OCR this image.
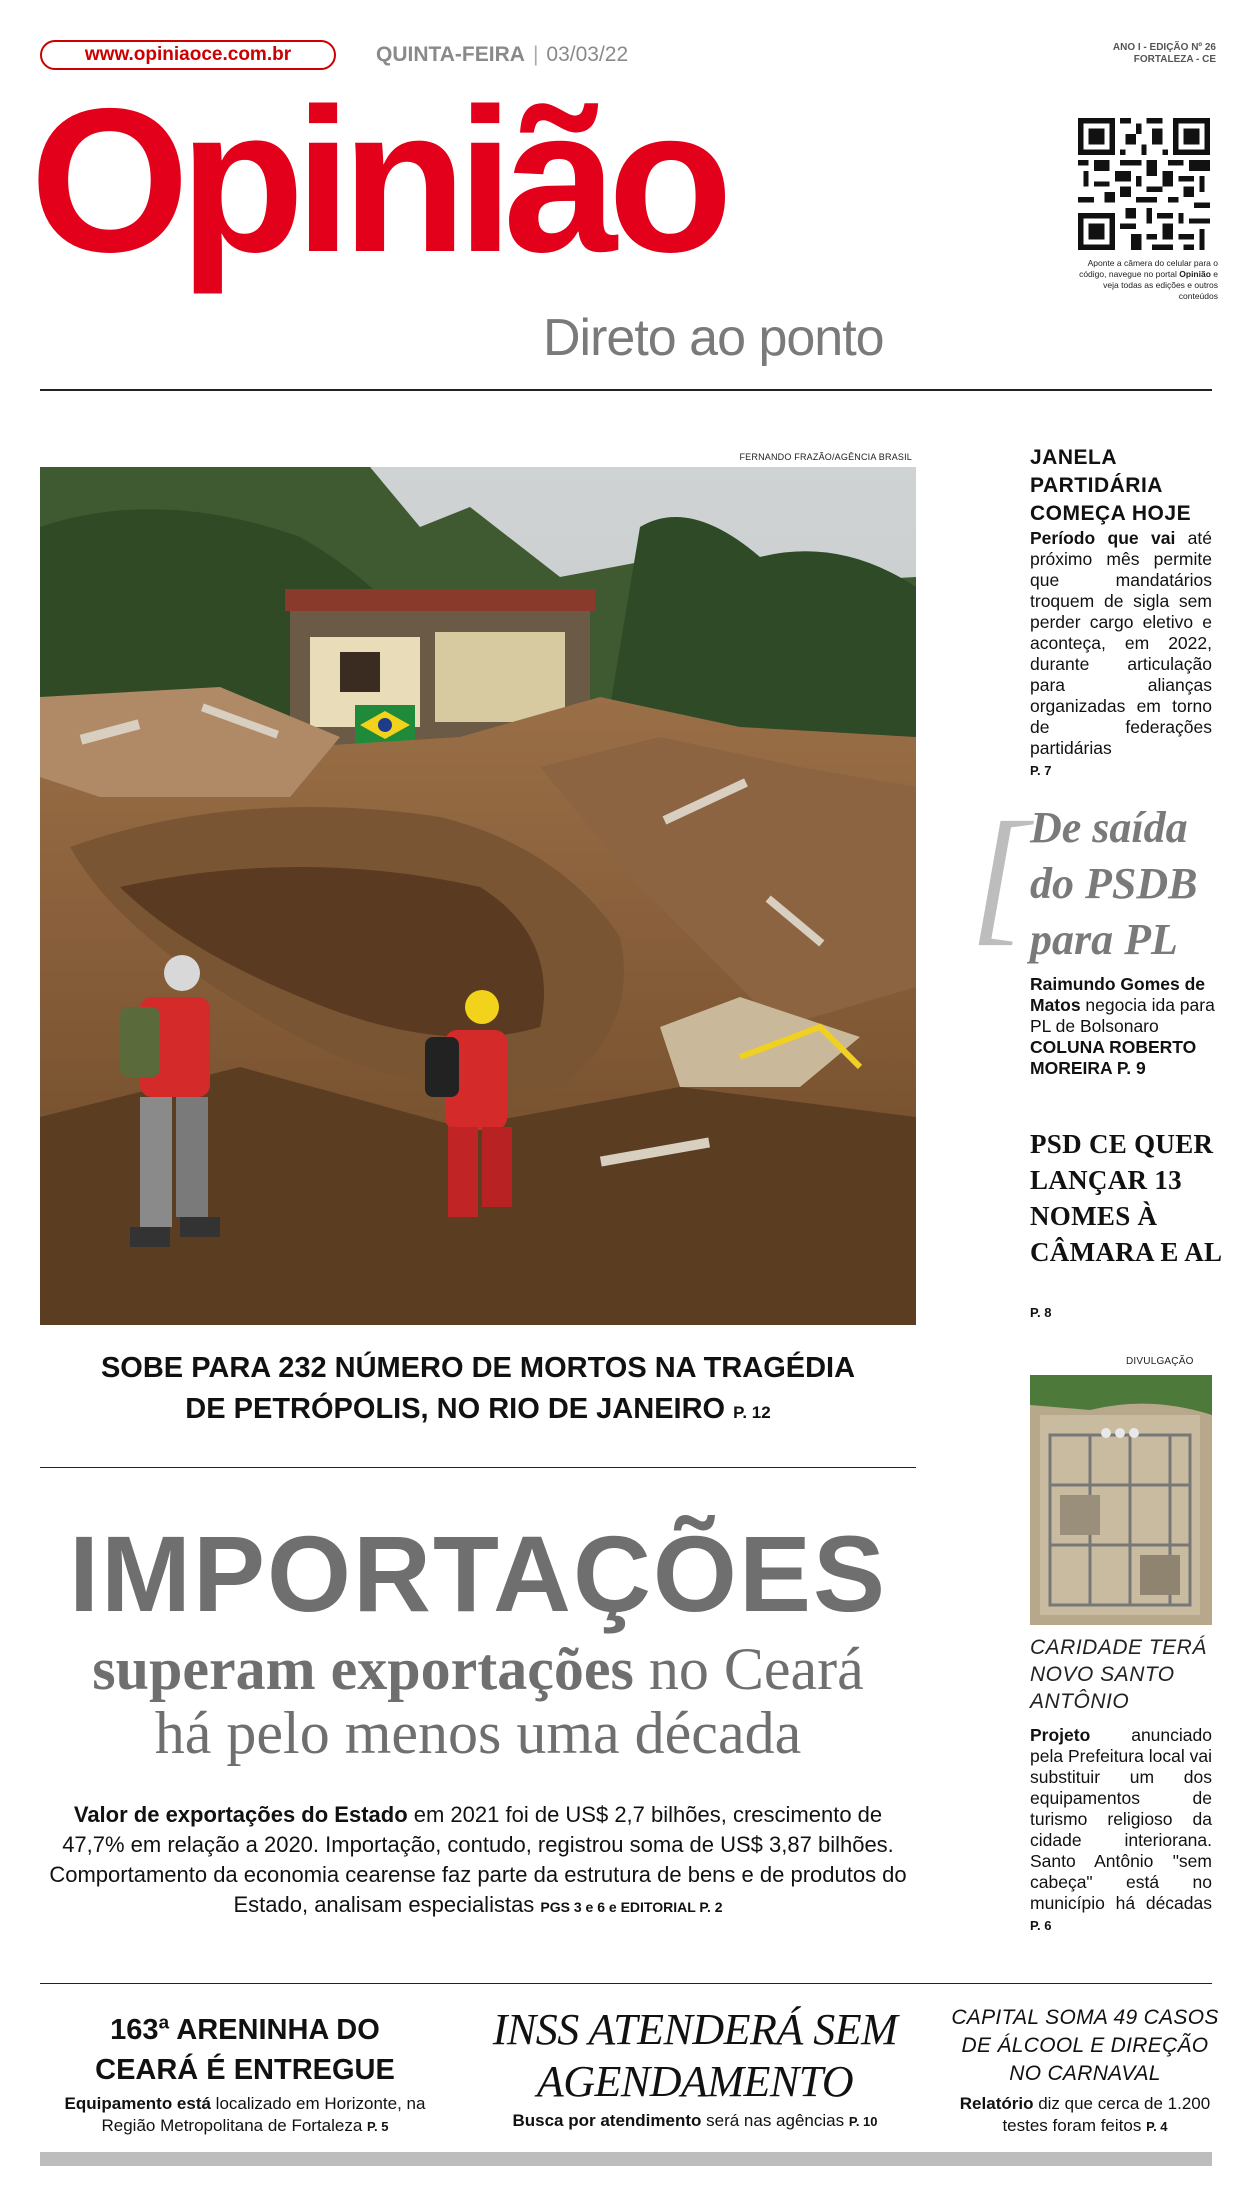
www.opiniaoce.com.br	QUINTA-FEIRA | 03/03/22	ANO I - EDIÇÃO Nº 26
FORTALEZA - CE
Opinião
Direto ao ponto
Aponte a câmera do celular para o código, navegue no portal Opinião e veja todas as edições e outros conteúdos
FERNANDO FRAZÃO/AGÊNCIA BRASIL
SOBE PARA 232 NÚMERO DE MORTOS NA TRAGÉDIA
DE PETRÓPOLIS, NO RIO DE JANEIRO P. 12
IMPORTAÇÕES
superam exportações no Ceará
há pelo menos uma década
Valor de exportações do Estado em 2021 foi de US$ 2,7 bilhões, crescimento de 47,7% em relação a 2020. Importação, contudo, registrou soma de US$ 3,87 bilhões. Comportamento da economia cearense faz parte da estrutura de bens e de produtos do Estado, analisam especialistas PGS 3 e 6 e EDITORIAL P. 2
JANELA PARTIDÁRIA COMEÇA HOJE
Período que vai até próximo mês permite que mandatários troquem de sigla sem perder cargo eletivo e aconteça, em 2022, durante articulação para alianças organizadas em torno de federações partidárias
P. 7
[ De saída do PSDB para PL
Raimundo Gomes de Matos negocia ida para PL de Bolsonaro
COLUNA ROBERTO MOREIRA P. 9
PSD CE QUER LANÇAR 13 NOMES À CÂMARA E AL
P. 8
DIVULGAÇÃO
CARIDADE TERÁ NOVO SANTO ANTÔNIO
Projeto anunciado pela Prefeitura local vai substituir um dos equipamentos de turismo religioso da cidade interiorana. Santo Antônio "sem cabeça" está no município há décadas P. 6
163ª ARENINHA DO
CEARÁ É ENTREGUE
Equipamento está localizado em Horizonte, na Região Metropolitana de Fortaleza P. 5
INSS ATENDERÁ SEM
AGENDAMENTO
Busca por atendimento será nas agências P. 10
CAPITAL SOMA 49 CASOS DE ÁLCOOL E DIREÇÃO NO CARNAVAL
Relatório diz que cerca de 1.200 testes foram feitos P. 4
